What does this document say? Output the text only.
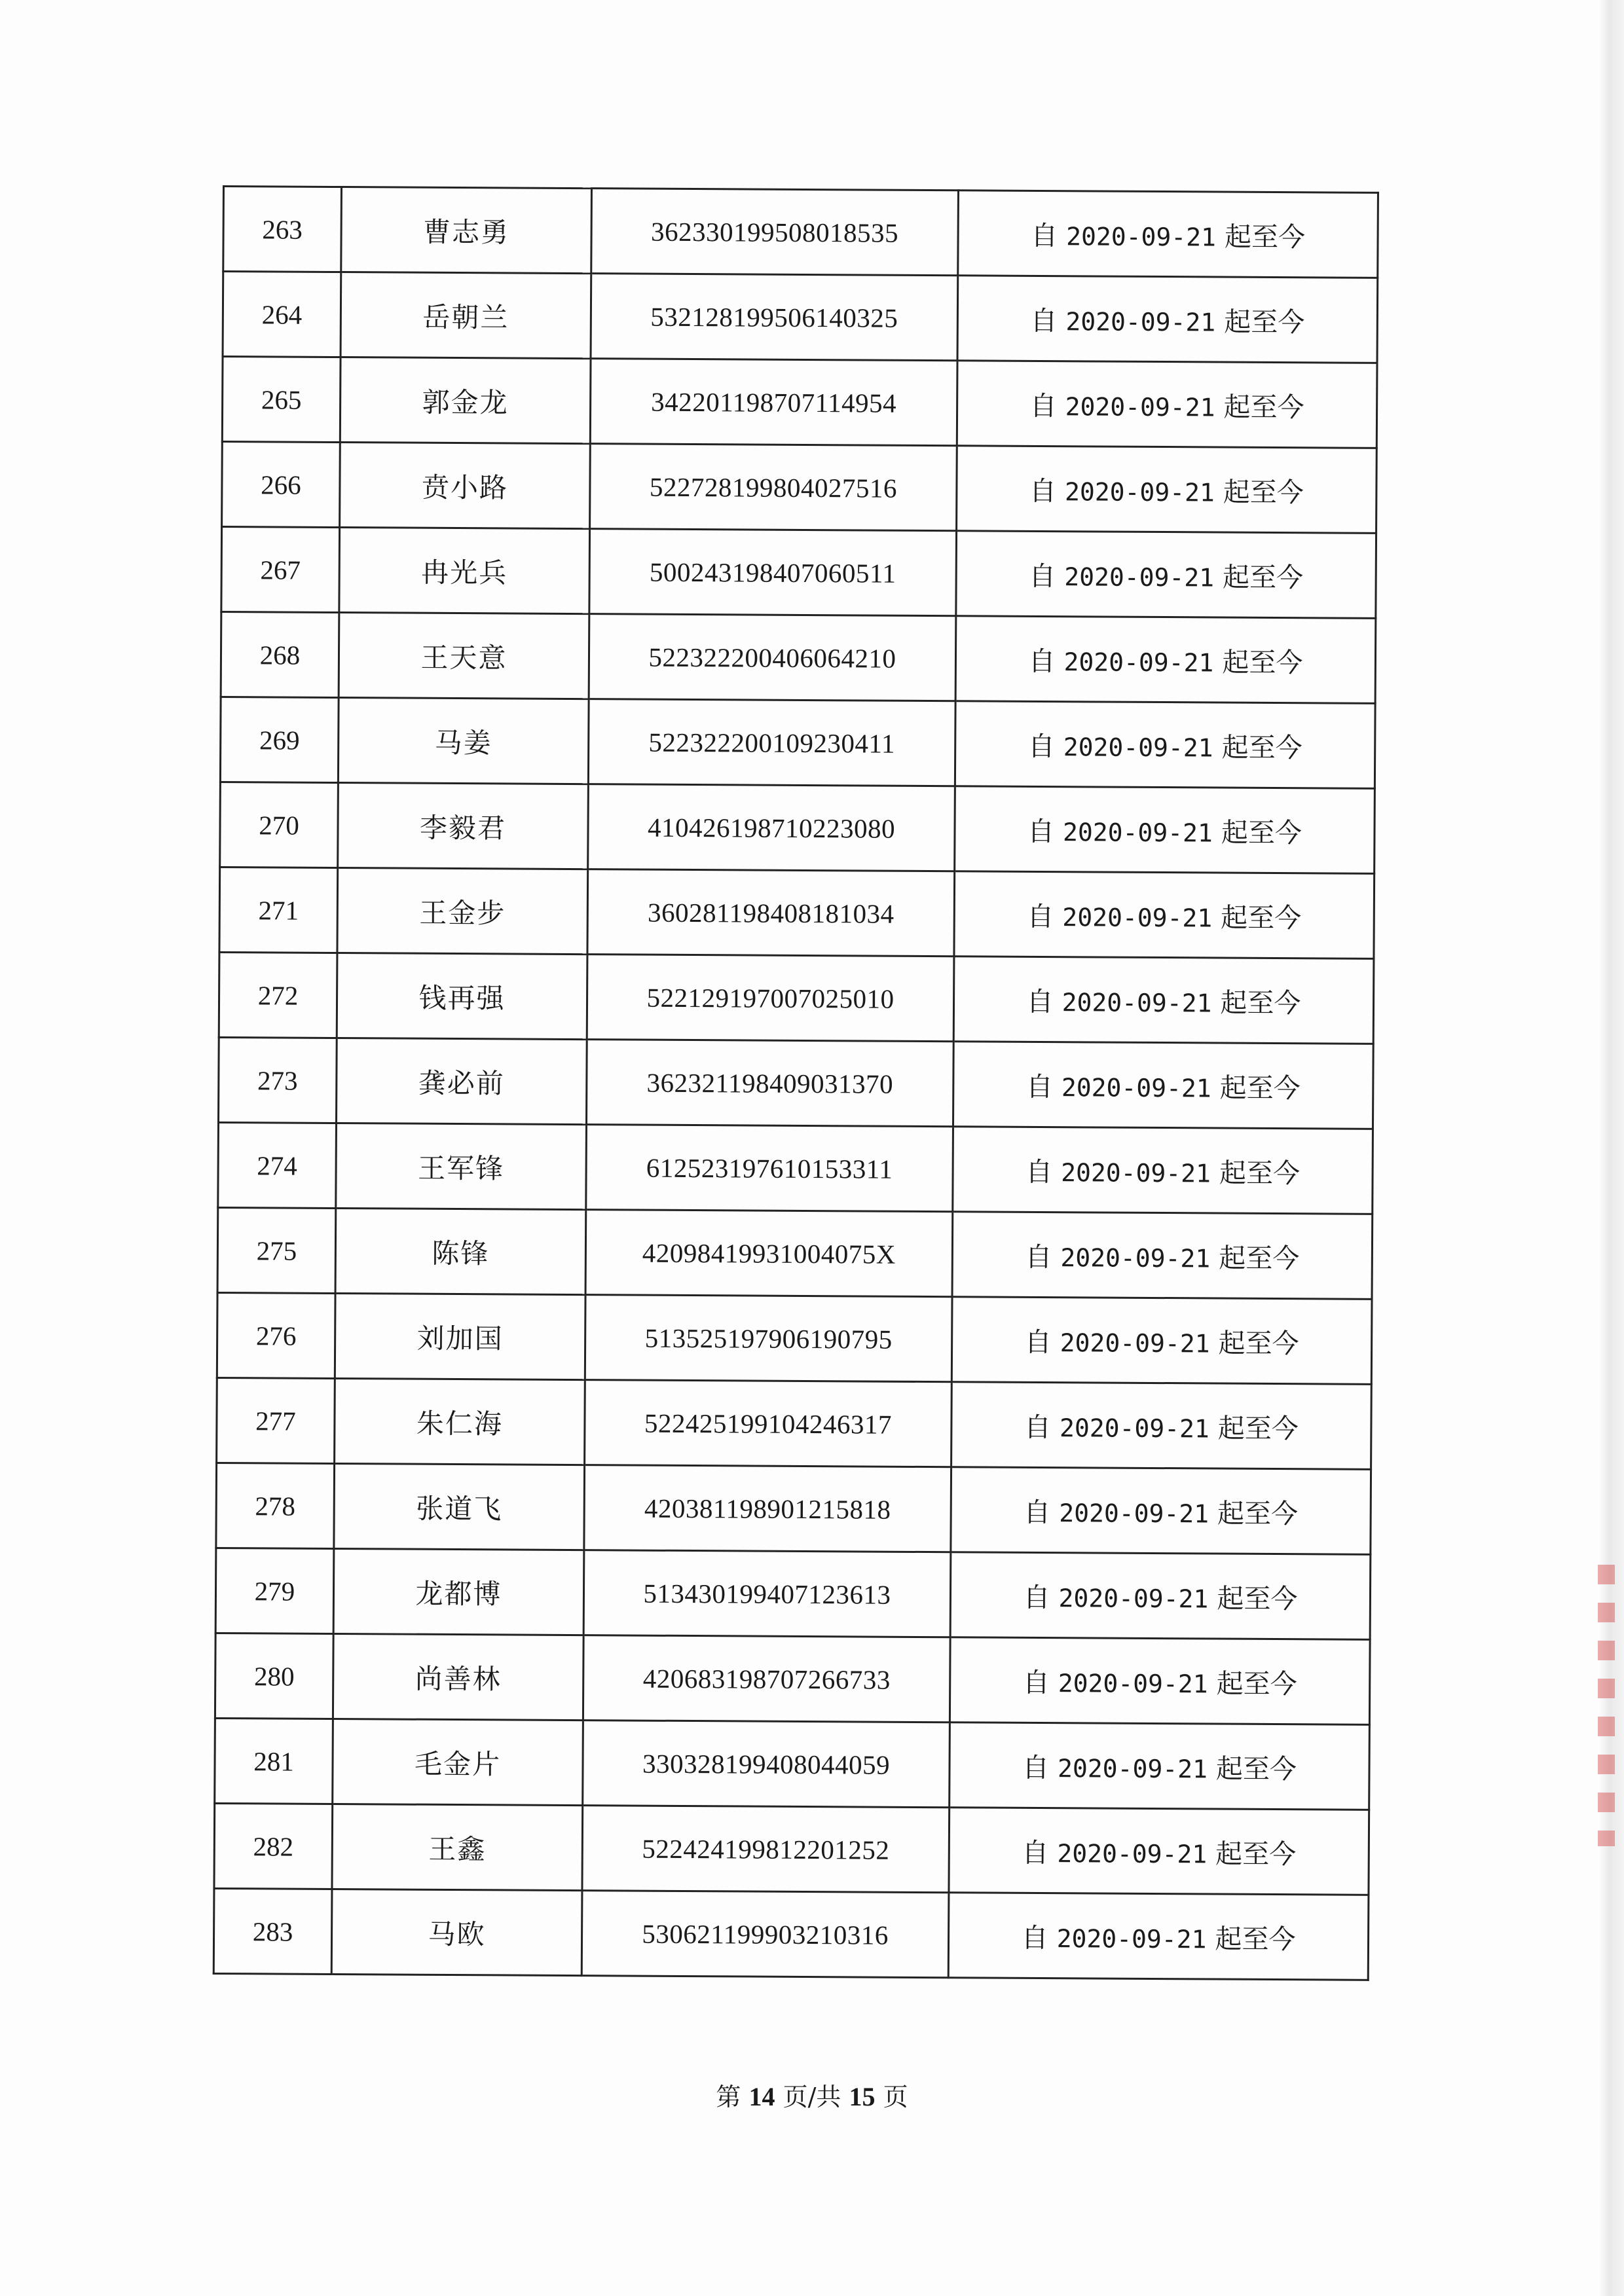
263	曹志勇	362330199508018535	自 2020-09-21 起至今
264	岳朝兰	532128199506140325	自 2020-09-21 起至今
265	郭金龙	342201198707114954	自 2020-09-21 起至今
266	贲小路	522728199804027516	自 2020-09-21 起至今
267	冉光兵	500243198407060511	自 2020-09-21 起至今
268	王天意	522322200406064210	自 2020-09-21 起至今
269	马姜	522322200109230411	自 2020-09-21 起至今
270	李毅君	410426198710223080	自 2020-09-21 起至今
271	王金步	360281198408181034	自 2020-09-21 起至今
272	钱再强	522129197007025010	自 2020-09-21 起至今
273	龚必前	362321198409031370	自 2020-09-21 起至今
274	王军锋	612523197610153311	自 2020-09-21 起至今
275	陈锋	42098419931004075X	自 2020-09-21 起至今
276	刘加国	513525197906190795	自 2020-09-21 起至今
277	朱仁海	522425199104246317	自 2020-09-21 起至今
278	张道飞	420381198901215818	自 2020-09-21 起至今
279	龙都博	513430199407123613	自 2020-09-21 起至今
280	尚善林	420683198707266733	自 2020-09-21 起至今
281	毛金片	330328199408044059	自 2020-09-21 起至今
282	王鑫	522424199812201252	自 2020-09-21 起至今
283	马欧	530621199903210316	自 2020-09-21 起至今
第 14 页/共 15 页
